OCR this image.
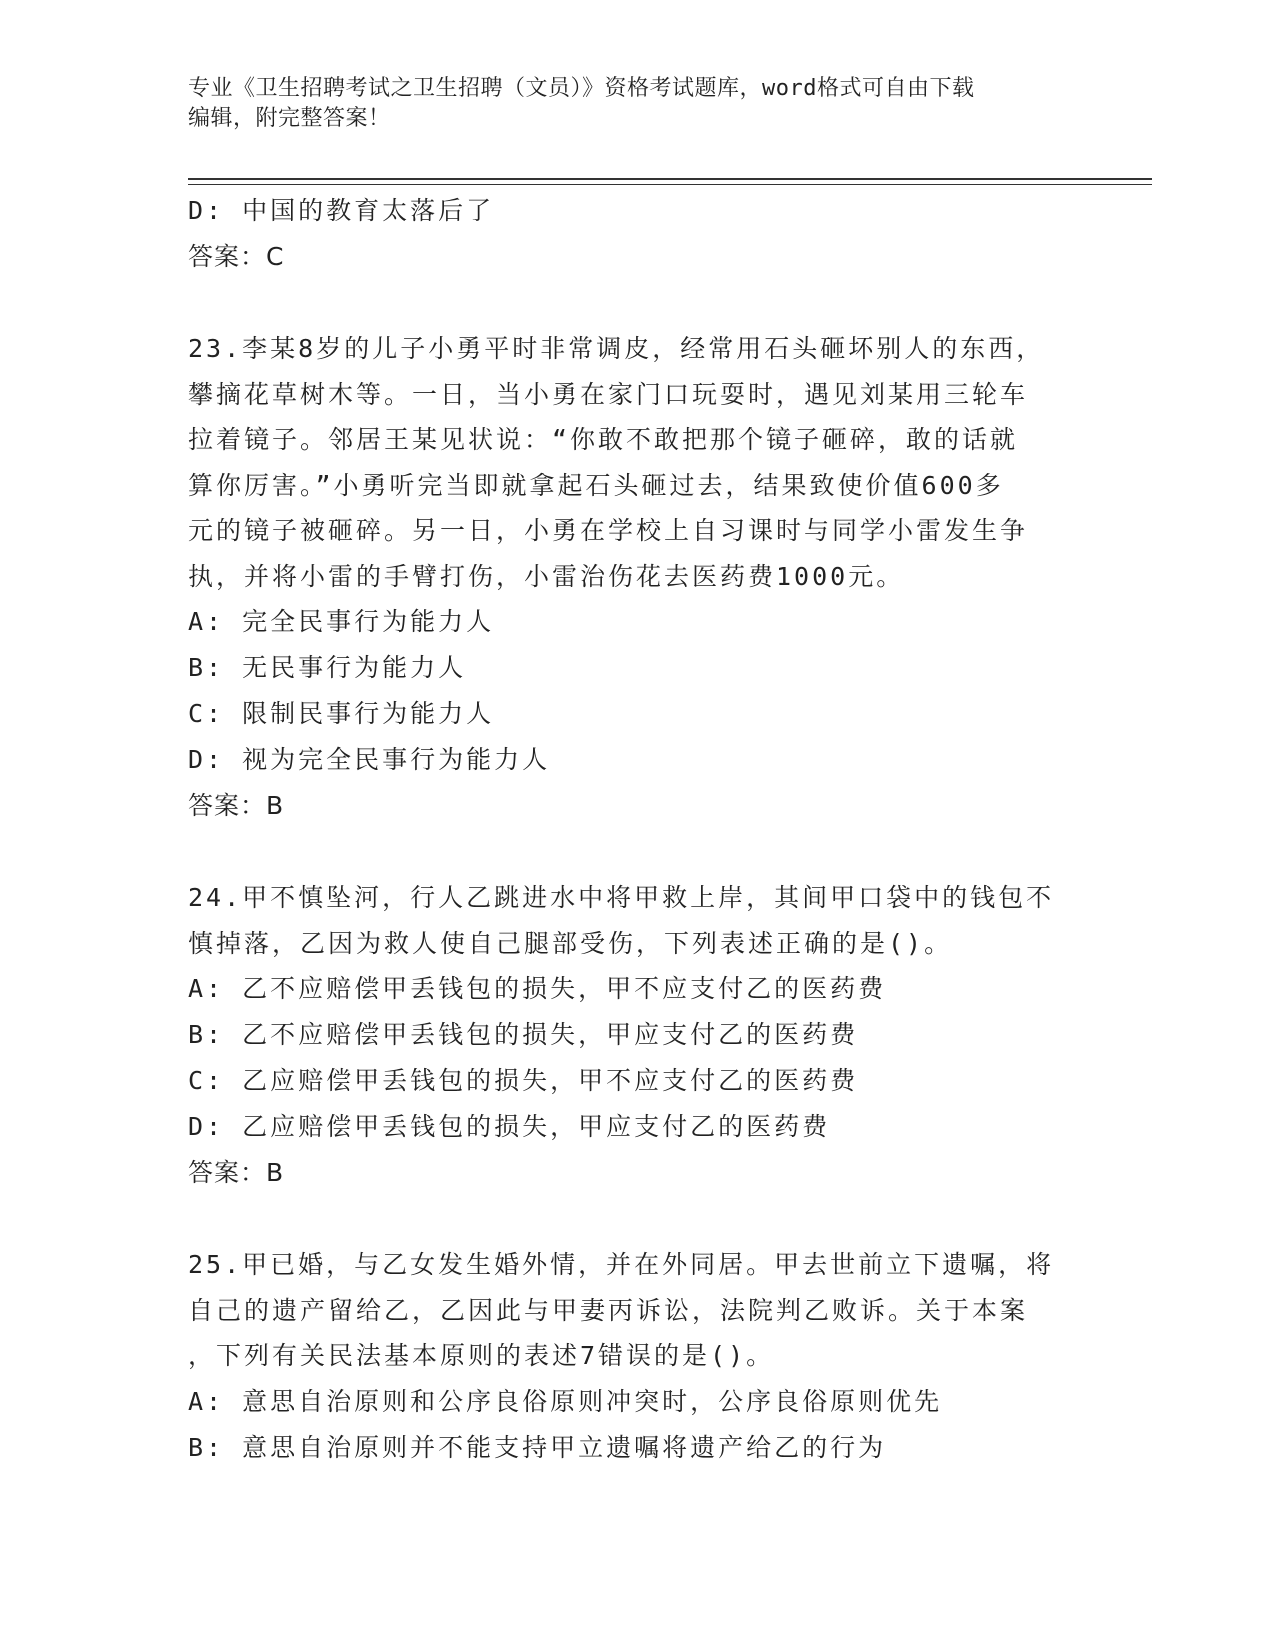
专业《卫生招聘考试之卫生招聘（文员）》资格考试题库，word格式可自由下载
编辑，附完整答案！
D: 中国的教育太落后了
答案：C
23.李某8岁的儿子小勇平时非常调皮，经常用石头砸坏别人的东西，
攀摘花草树木等。一日，当小勇在家门口玩耍时，遇见刘某用三轮车
拉着镜子。邻居王某见状说：“你敢不敢把那个镜子砸碎，敢的话就
算你厉害。”小勇听完当即就拿起石头砸过去，结果致使价值600多
元的镜子被砸碎。另一日，小勇在学校上自习课时与同学小雷发生争
执，并将小雷的手臂打伤，小雷治伤花去医药费1000元。
A: 完全民事行为能力人
B: 无民事行为能力人
C: 限制民事行为能力人
D: 视为完全民事行为能力人
答案：B
24.甲不慎坠河，行人乙跳进水中将甲救上岸，其间甲口袋中的钱包不
慎掉落，乙因为救人使自己腿部受伤，下列表述正确的是()。
A: 乙不应赔偿甲丢钱包的损失，甲不应支付乙的医药费
B: 乙不应赔偿甲丢钱包的损失，甲应支付乙的医药费
C: 乙应赔偿甲丢钱包的损失，甲不应支付乙的医药费
D: 乙应赔偿甲丢钱包的损失，甲应支付乙的医药费
答案：B
25.甲已婚，与乙女发生婚外情，并在外同居。甲去世前立下遗嘱，将
自己的遗产留给乙，乙因此与甲妻丙诉讼，法院判乙败诉。关于本案
，下列有关民法基本原则的表述7错误的是()。
A: 意思自治原则和公序良俗原则冲突时，公序良俗原则优先
B: 意思自治原则并不能支持甲立遗嘱将遗产给乙的行为
